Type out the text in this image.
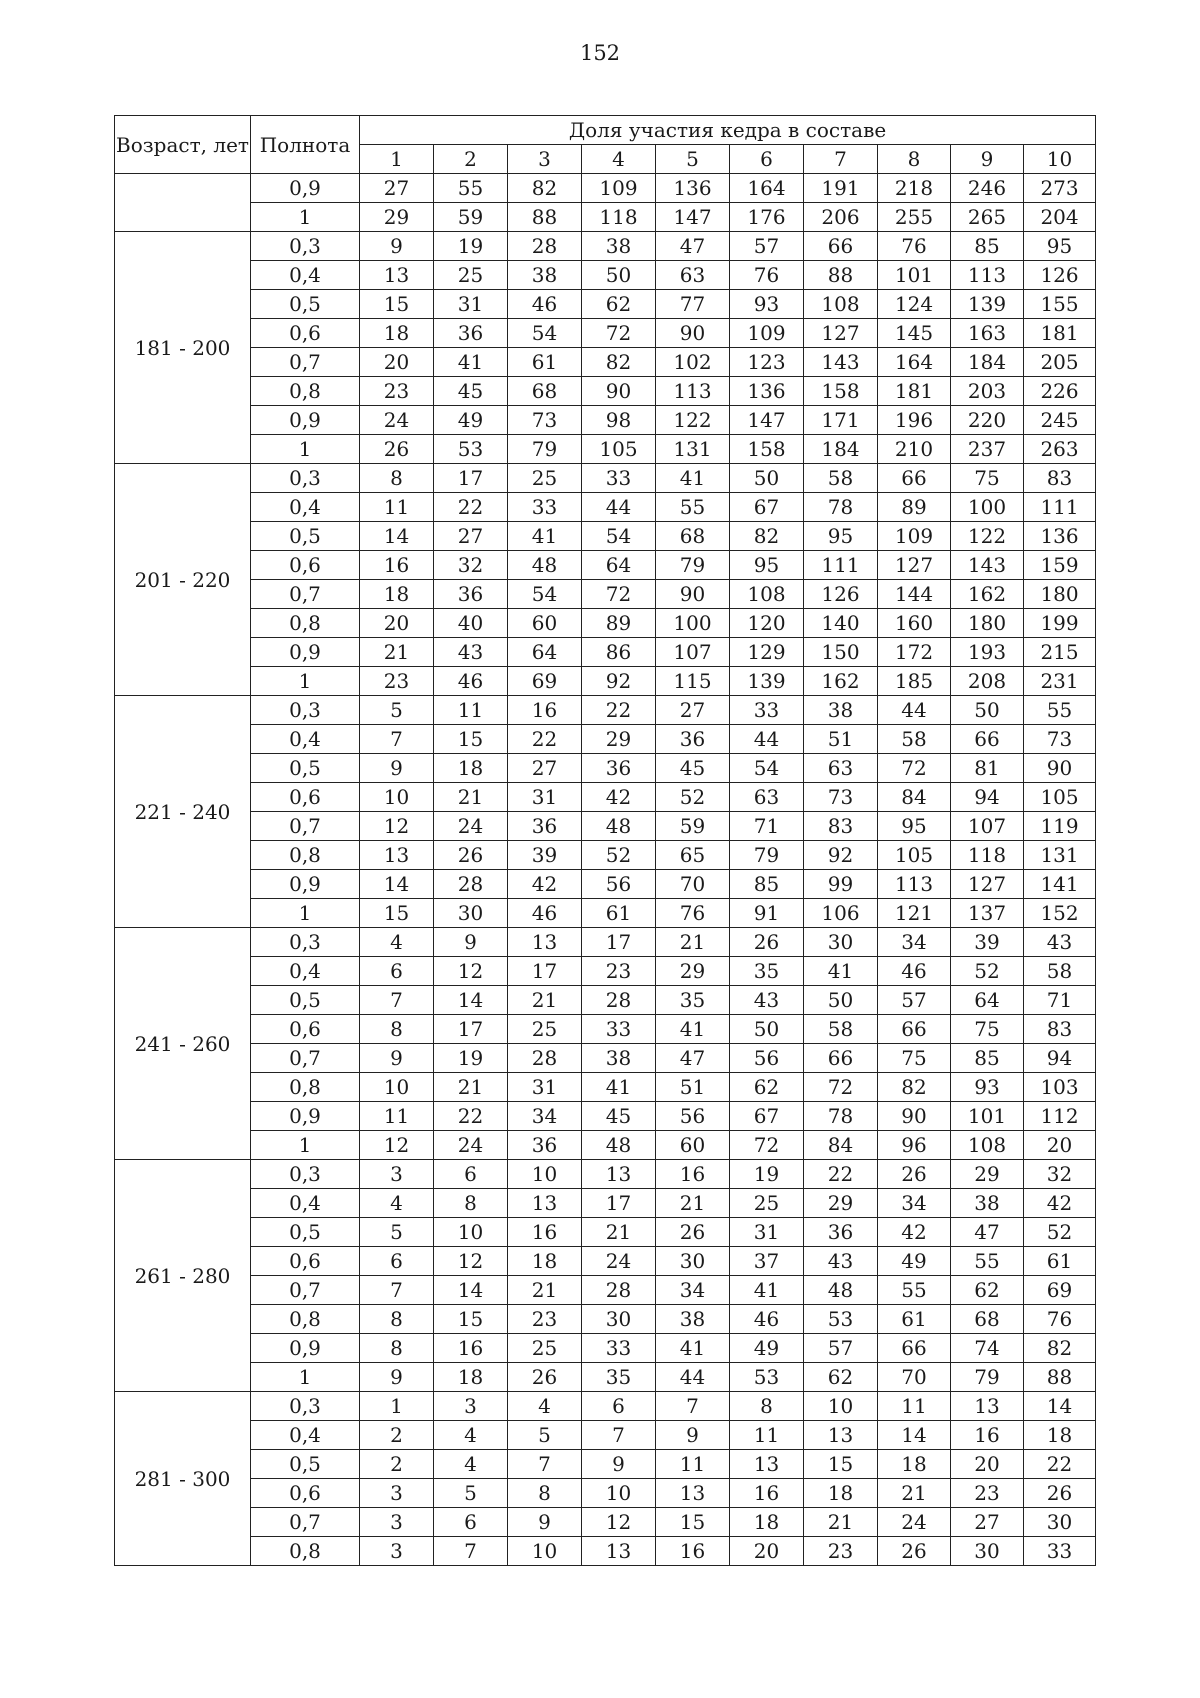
152
Возраст, лет	Полнота	Доля участия кедра в составе									
		1	2	3	4	5	6	7	8	9	10
	0,9	27	55	82	109	136	164	191	218	246	273
	1	29	59	88	118	147	176	206	255	265	204
181 - 200	0,3	9	19	28	38	47	57	66	76	85	95
	0,4	13	25	38	50	63	76	88	101	113	126
	0,5	15	31	46	62	77	93	108	124	139	155
	0,6	18	36	54	72	90	109	127	145	163	181
	0,7	20	41	61	82	102	123	143	164	184	205
	0,8	23	45	68	90	113	136	158	181	203	226
	0,9	24	49	73	98	122	147	171	196	220	245
	1	26	53	79	105	131	158	184	210	237	263
201 - 220	0,3	8	17	25	33	41	50	58	66	75	83
	0,4	11	22	33	44	55	67	78	89	100	111
	0,5	14	27	41	54	68	82	95	109	122	136
	0,6	16	32	48	64	79	95	111	127	143	159
	0,7	18	36	54	72	90	108	126	144	162	180
	0,8	20	40	60	89	100	120	140	160	180	199
	0,9	21	43	64	86	107	129	150	172	193	215
	1	23	46	69	92	115	139	162	185	208	231
221 - 240	0,3	5	11	16	22	27	33	38	44	50	55
	0,4	7	15	22	29	36	44	51	58	66	73
	0,5	9	18	27	36	45	54	63	72	81	90
	0,6	10	21	31	42	52	63	73	84	94	105
	0,7	12	24	36	48	59	71	83	95	107	119
	0,8	13	26	39	52	65	79	92	105	118	131
	0,9	14	28	42	56	70	85	99	113	127	141
	1	15	30	46	61	76	91	106	121	137	152
241 - 260	0,3	4	9	13	17	21	26	30	34	39	43
	0,4	6	12	17	23	29	35	41	46	52	58
	0,5	7	14	21	28	35	43	50	57	64	71
	0,6	8	17	25	33	41	50	58	66	75	83
	0,7	9	19	28	38	47	56	66	75	85	94
	0,8	10	21	31	41	51	62	72	82	93	103
	0,9	11	22	34	45	56	67	78	90	101	112
	1	12	24	36	48	60	72	84	96	108	20
261 - 280	0,3	3	6	10	13	16	19	22	26	29	32
	0,4	4	8	13	17	21	25	29	34	38	42
	0,5	5	10	16	21	26	31	36	42	47	52
	0,6	6	12	18	24	30	37	43	49	55	61
	0,7	7	14	21	28	34	41	48	55	62	69
	0,8	8	15	23	30	38	46	53	61	68	76
	0,9	8	16	25	33	41	49	57	66	74	82
	1	9	18	26	35	44	53	62	70	79	88
281 - 300	0,3	1	3	4	6	7	8	10	11	13	14
	0,4	2	4	5	7	9	11	13	14	16	18
	0,5	2	4	7	9	11	13	15	18	20	22
	0,6	3	5	8	10	13	16	18	21	23	26
	0,7	3	6	9	12	15	18	21	24	27	30
	0,8	3	7	10	13	16	20	23	26	30	33
